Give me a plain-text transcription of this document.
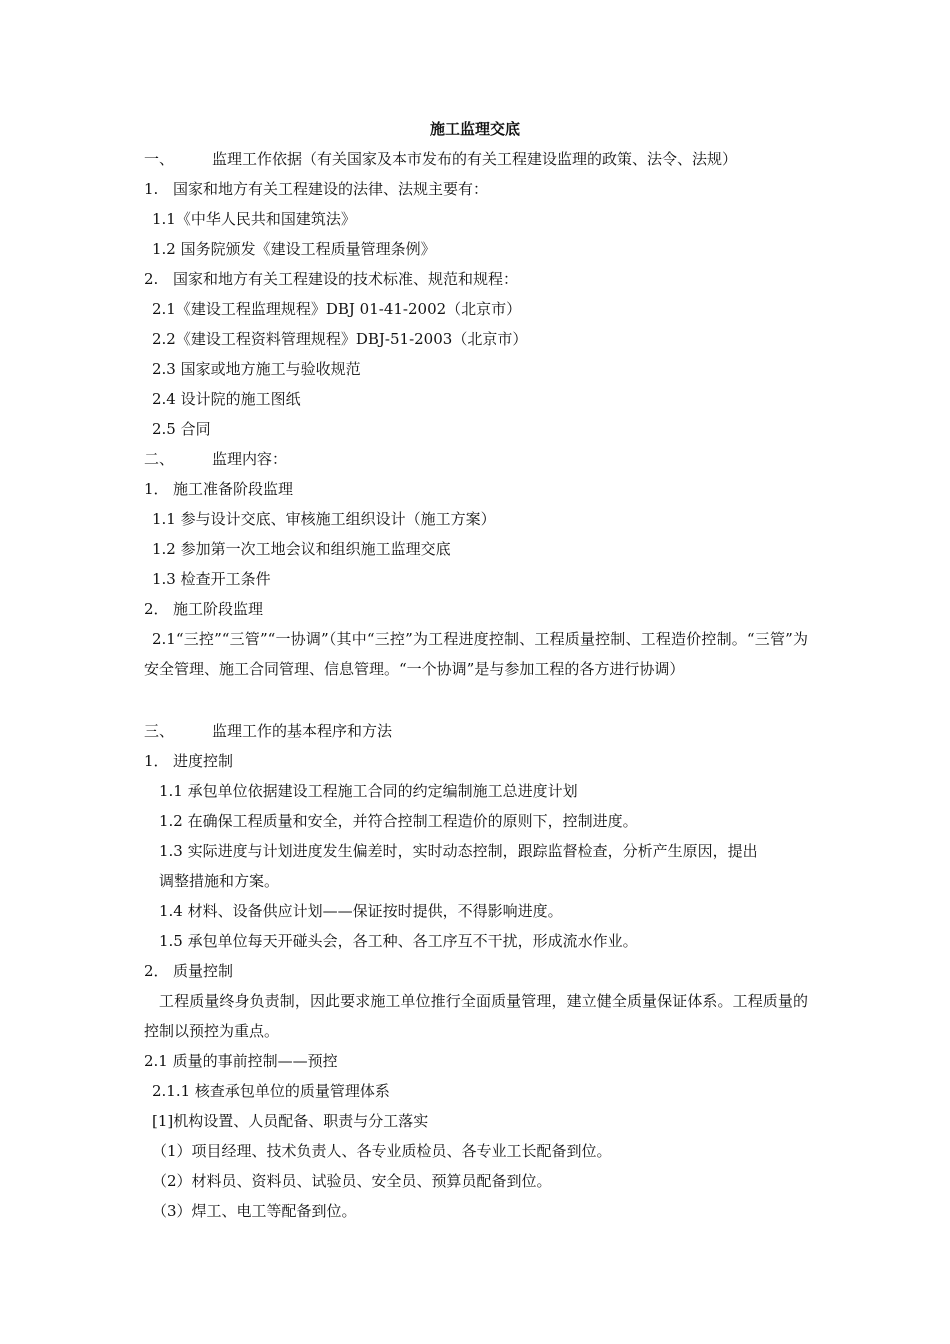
施工监理交底
一、	监理工作依据（有关国家及本市发布的有关工程建设监理的政策、法令、法规）
1. 国家和地方有关工程建设的法律、法规主要有：
1.1《中华人民共和国建筑法》
1.2 国务院颁发《建设工程质量管理条例》
2. 国家和地方有关工程建设的技术标准、规范和规程：
2.1《建设工程监理规程》DBJ 01-41-2002（北京市）
2.2《建设工程资料管理规程》DBJ-51-2003（北京市）
2.3 国家或地方施工与验收规范
2.4 设计院的施工图纸
2.5 合同
二、	监理内容：
1． 施工准备阶段监理
1.1 参与设计交底、审核施工组织设计（施工方案）
1.2 参加第一次工地会议和组织施工监理交底
1.3 检查开工条件
2． 施工阶段监理
2.1“三控”“三管”“一协调”（其中“三控”为工程进度控制、工程质量控制、工程造价控制。“三管”为安全管理、施工合同管理、信息管理。“一个协调”是与参加工程的各方进行协调）
三、	监理工作的基本程序和方法
1． 进度控制
1.1 承包单位依据建设工程施工合同的约定编制施工总进度计划
1.2 在确保工程质量和安全，并符合控制工程造价的原则下，控制进度。
1.3 实际进度与计划进度发生偏差时，实时动态控制，跟踪监督检查，分析产生原因，提出
调整措施和方案。
1.4 材料、设备供应计划——保证按时提供，不得影响进度。
1.5 承包单位每天开碰头会，各工种、各工序互不干扰，形成流水作业。
2． 质量控制
工程质量终身负责制，因此要求施工单位推行全面质量管理，建立健全质量保证体系。工程质量的控制以预控为重点。
2.1 质量的事前控制——预控
2.1.1 核查承包单位的质量管理体系
[1]机构设置、人员配备、职责与分工落实
（1）项目经理、技术负责人、各专业质检员、各专业工长配备到位。
（2）材料员、资料员、试验员、安全员、预算员配备到位。
（3）焊工、电工等配备到位。
